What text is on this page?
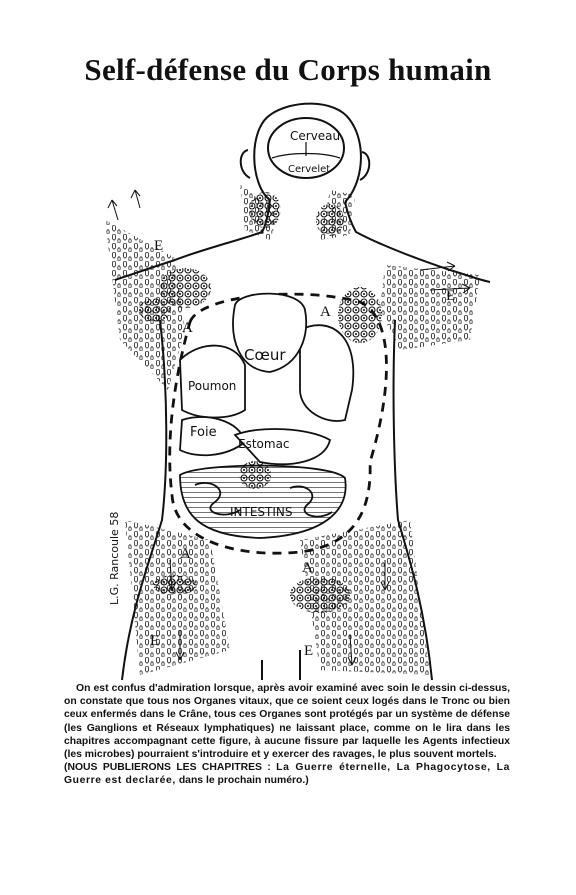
Self-défense du Corps humain
Cerveau
Cervelet
Cœur
Poumon
Foie
Estomac
INTESTINS
E
E
A
A
A
A
E
E
L.G. Rancoule 58

On est confus d'admiration lorsque, après avoir examiné avec soin le dessin ci-dessus, on constate que tous nos Organes vitaux, que ce soient ceux logés dans le Tronc ou bien ceux enfermés dans le Crâne, tous ces Organes sont protégés par un système de défense (les Ganglions et Réseaux lymphatiques) ne laissant place, comme on le lira dans les chapitres accompagnant cette figure, à aucune fissure par laquelle les Agents infectieux (les microbes) pourraient s'introduire et y exercer des ravages, le plus souvent mortels.

(NOUS PUBLIERONS LES CHAPITRES : La Guerre éternelle, La Phagocytose, La Guerre est declarée, dans le prochain numéro.)
